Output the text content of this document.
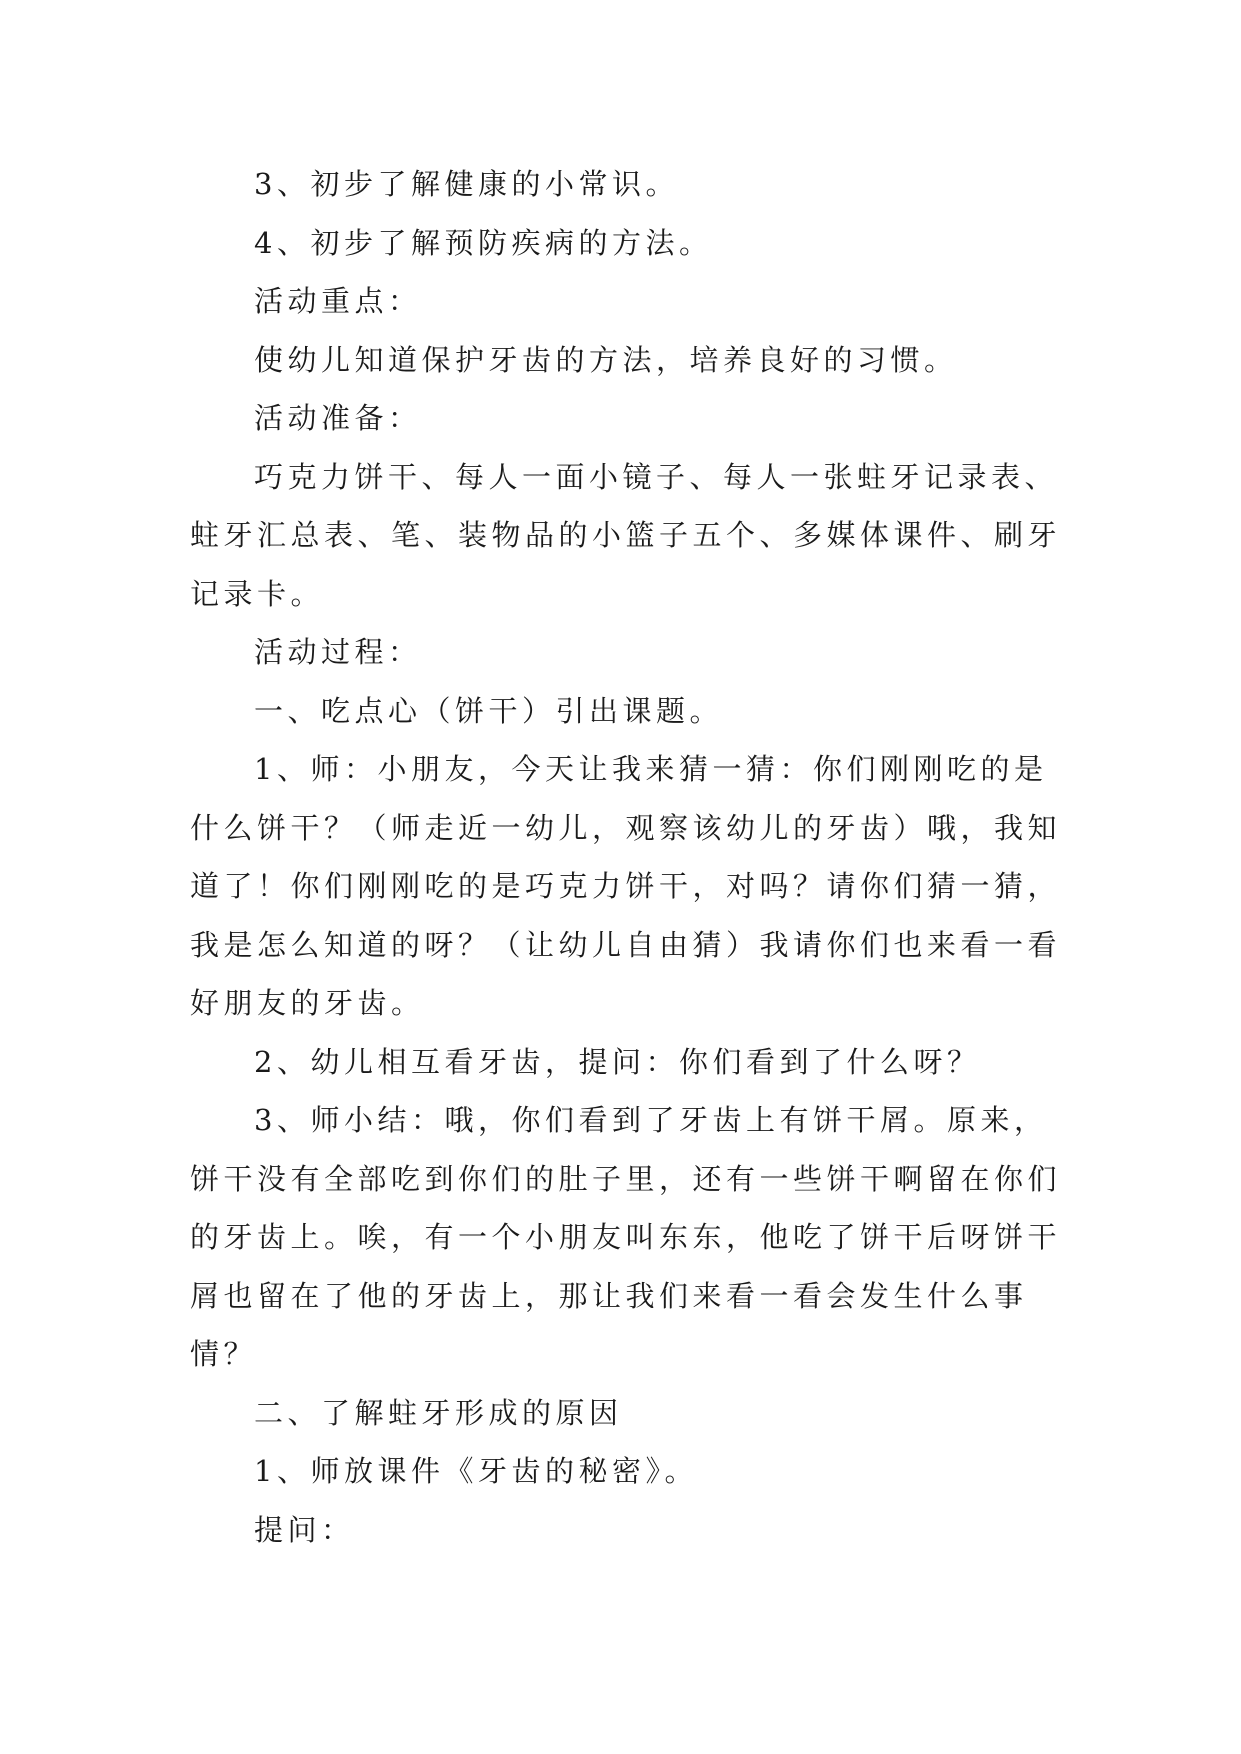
3、初步了解健康的小常识。

4、初步了解预防疾病的方法。

活动重点：

使幼儿知道保护牙齿的方法，培养良好的习惯。

活动准备：

巧克力饼干、每人一面小镜子、每人一张蛀牙记录表、蛀牙汇总表、笔、装物品的小篮子五个、多媒体课件、刷牙记录卡。

活动过程：

一、吃点心（饼干）引出课题。

1、师：小朋友，今天让我来猜一猜：你们刚刚吃的是什么饼干？（师走近一幼儿，观察该幼儿的牙齿）哦，我知道了！你们刚刚吃的是巧克力饼干，对吗？请你们猜一猜，我是怎么知道的呀？（让幼儿自由猜）我请你们也来看一看好朋友的牙齿。

2、幼儿相互看牙齿，提问：你们看到了什么呀？

3、师小结：哦，你们看到了牙齿上有饼干屑。原来，饼干没有全部吃到你们的肚子里，还有一些饼干啊留在你们的牙齿上。唉，有一个小朋友叫东东，他吃了饼干后呀饼干屑也留在了他的牙齿上，那让我们来看一看会发生什么事情？

二、了解蛀牙形成的原因

1、师放课件《牙齿的秘密》。

提问：
